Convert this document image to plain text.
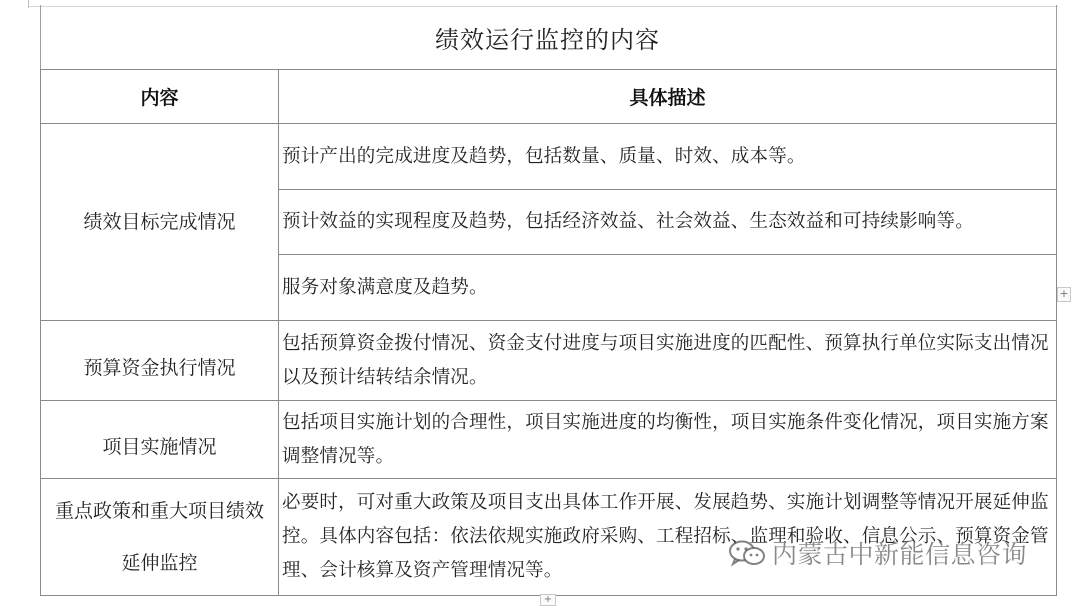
绩效运行监控的内容
内容	具体描述
绩效目标完成情况	预计产出的完成进度及趋势，包括数量、质量、时效、成本等。
	预计效益的实现程度及趋势，包括经济效益、社会效益、生态效益和可持续影响等。
	服务对象满意度及趋势。
预算资金执行情况	包括预算资金拨付情况、资金支付进度与项目实施进度的匹配性、预算执行单位实际支出情况以及预计结转结余情况。
项目实施情况	包括项目实施计划的合理性，项目实施进度的均衡性，项目实施条件变化情况，项目实施方案调整情况等。
重点政策和重大项目绩效延伸监控	必要时，可对重大政策及项目支出具体工作开展、发展趋势、实施计划调整等情况开展延伸监控。具体内容包括：依法依规实施政府采购、工程招标、监理和验收、信息公示、预算资金管理、会计核算及资产管理情况等。
+
+
内蒙古中新能信息咨询
